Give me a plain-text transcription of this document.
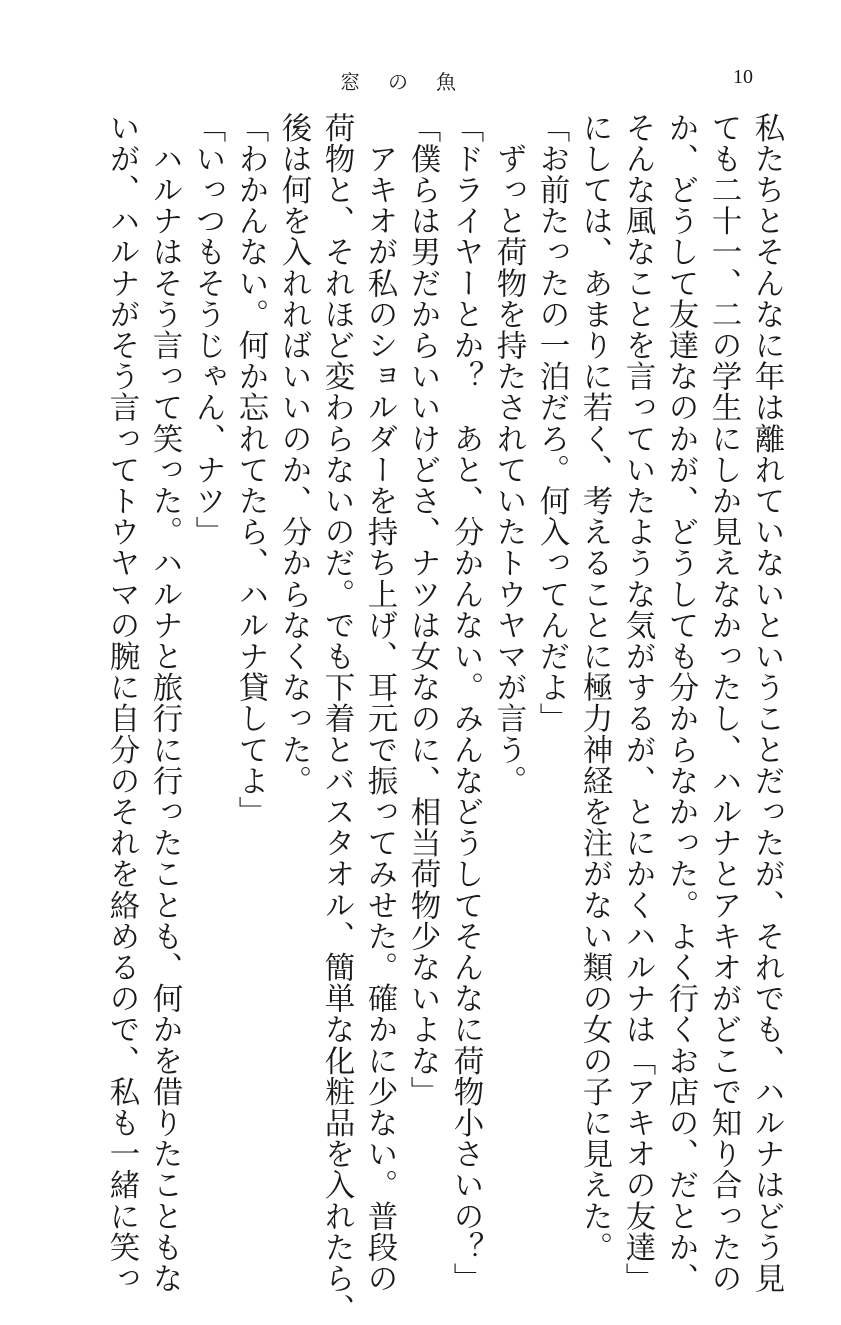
窓の魚	10
私たちとそんなに年は離れていないということだったが、それでも、ハルナはどう見
ても二十一、二の学生にしか見えなかったし、ハルナとアキオがどこで知り合ったの
か、どうして友達なのかが、どうしても分からなかった。よく行くお店の、だとか、
そんな風なことを言っていたような気がするが、とにかくハルナは「アキオの友達」
にしては、あまりに若く、考えることに極力神経を注がない類の女の子に見えた。
「お前たったの一泊だろ。何入ってんだよ」
　ずっと荷物を持たされていたトウヤマが言う。
「ドライヤーとか？　あと、分かんない。みんなどうしてそんなに荷物小さいの？」
「僕らは男だからいいけどさ、ナツは女なのに、相当荷物少ないよな」
　アキオが私のショルダーを持ち上げ、耳元で振ってみせた。確かに少ない。普段の
荷物と、それほど変わらないのだ。でも下着とバスタオル、簡単な化粧品を入れたら、
後は何を入れればいいのか、分からなくなった。
「わかんない。何か忘れてたら、ハルナ貸してよ」
「いっつもそうじゃん、ナツ」
　ハルナはそう言って笑った。ハルナと旅行に行ったことも、何かを借りたこともな
いが、ハルナがそう言ってトウヤマの腕に自分のそれを絡めるので、私も一緒に笑っ
